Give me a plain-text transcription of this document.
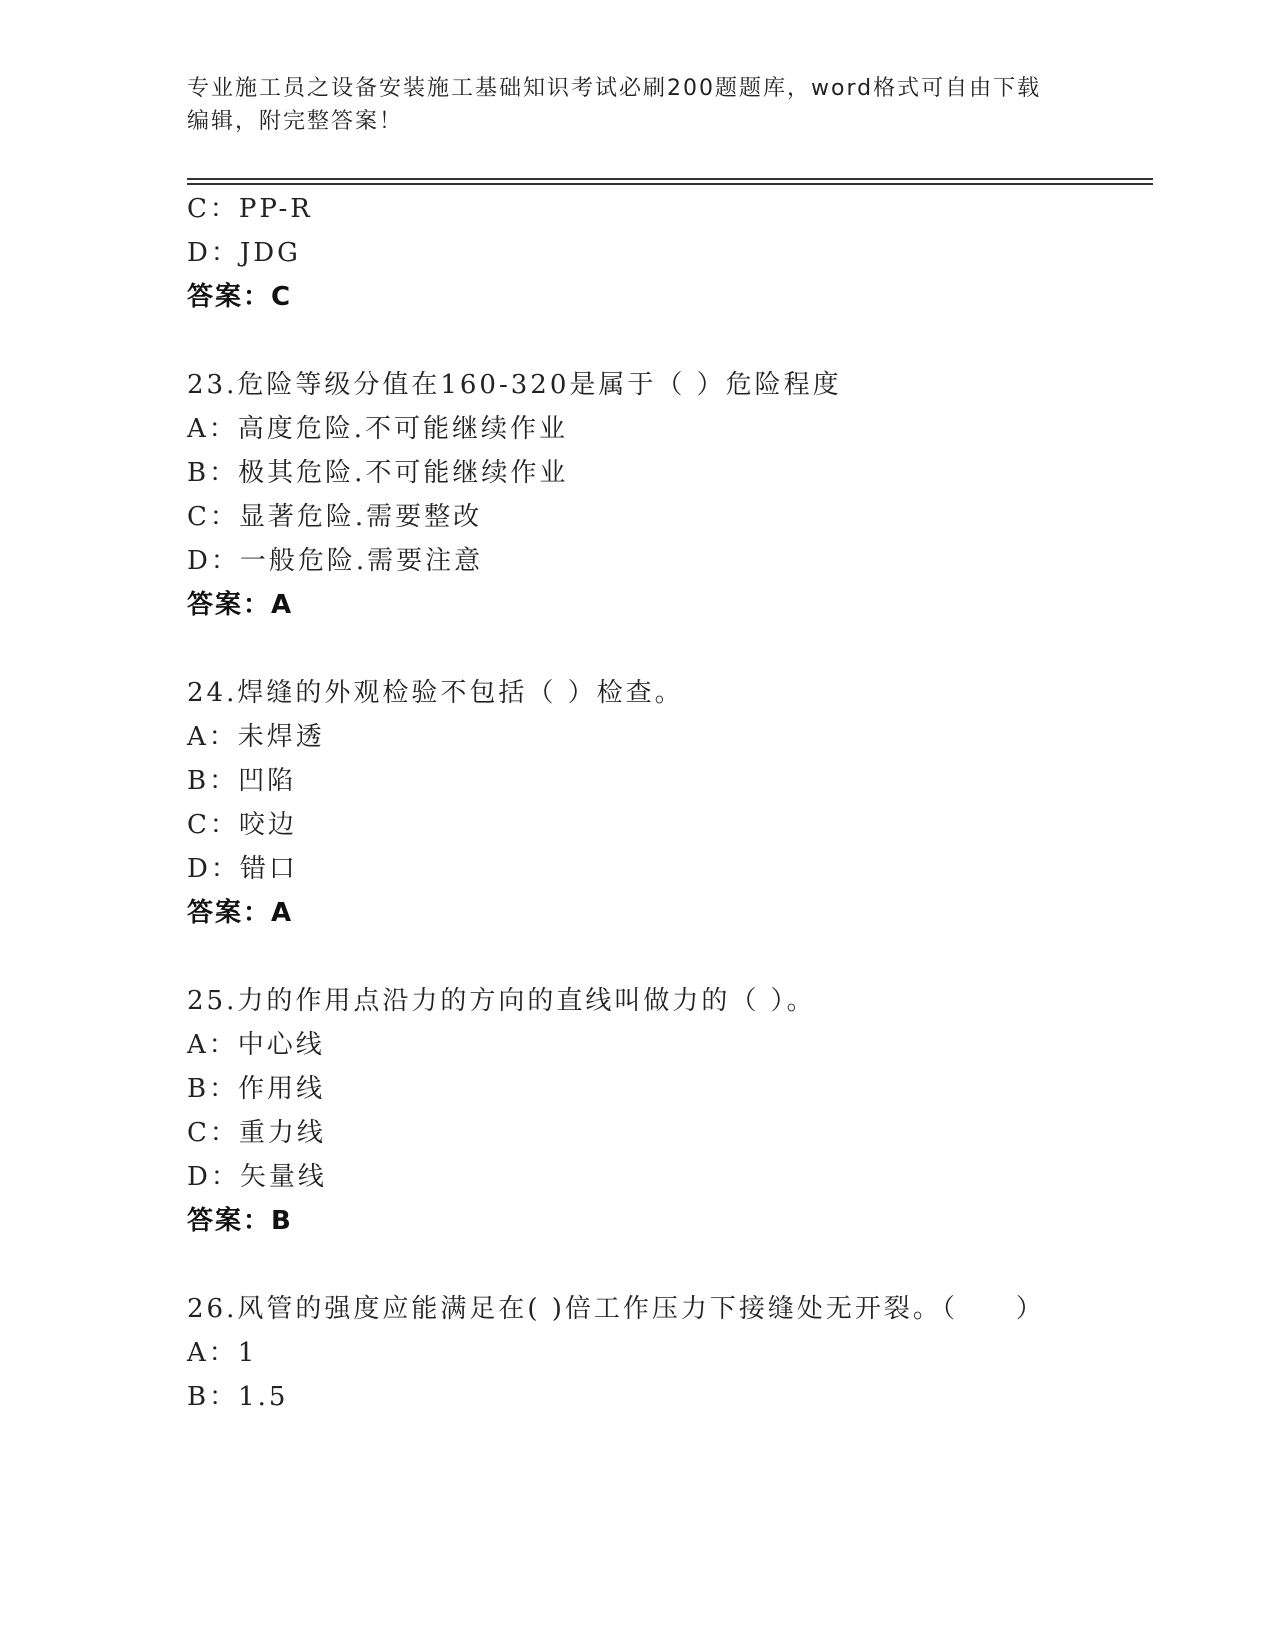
专业施工员之设备安装施工基础知识考试必刷200题题库，word格式可自由下载
编辑，附完整答案！
C：PP-R
D：JDG
答案：C
23.危险等级分值在160-320是属于（ ）危险程度
A：高度危险.不可能继续作业
B：极其危险.不可能继续作业
C：显著危险.需要整改
D：一般危险.需要注意
答案：A
24.焊缝的外观检验不包括（ ）检查。
A：未焊透
B：凹陷
C：咬边
D：错口
答案：A
25.力的作用点沿力的方向的直线叫做力的（ ）。
A：中心线
B：作用线
C：重力线
D：矢量线
答案：B
26.风管的强度应能满足在( )倍工作压力下接缝处无开裂。（　　）
A：1
B：1.5
